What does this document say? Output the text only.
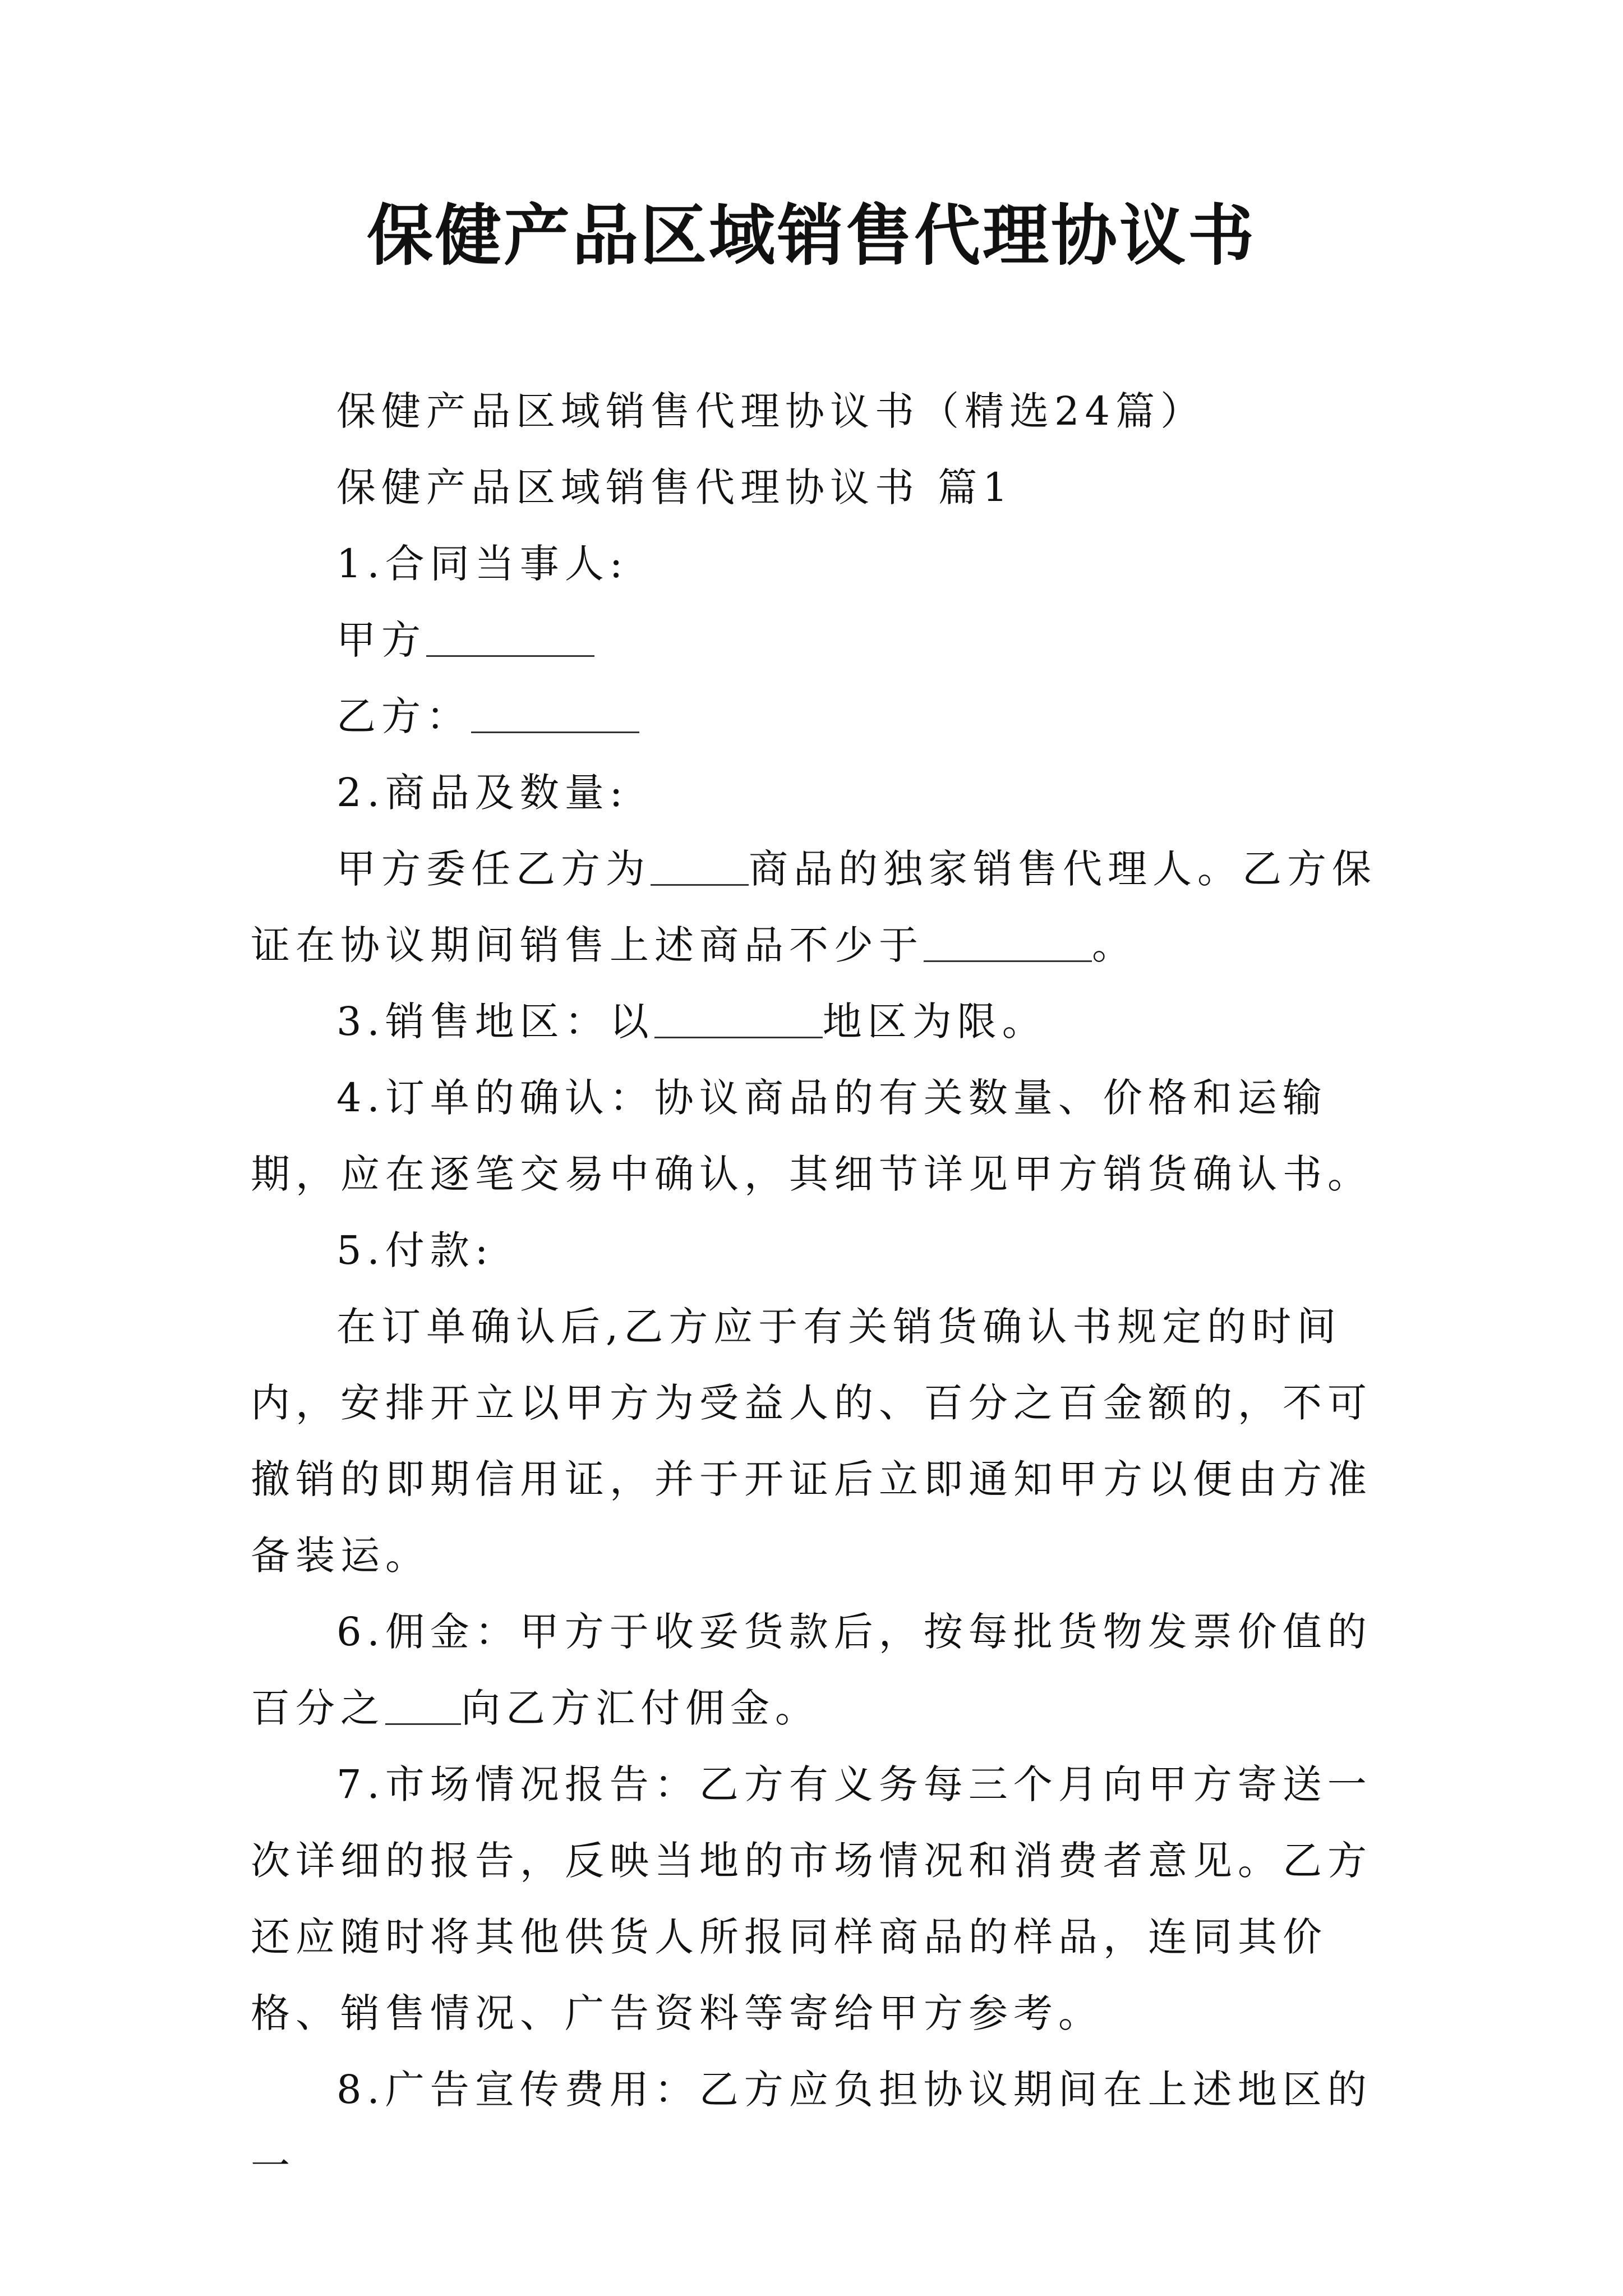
保健产品区域销售代理协议书

保健产品区域销售代理协议书（精选24篇）

保健产品区域销售代理协议书 篇1

1.合同当事人:

甲方

乙方：

2.商品及数量:

甲方委任乙方为	商品的独家销售代理人。乙方保证在协议期间销售上述商品不少于	。

3.销售地区：以	地区为限。

4.订单的确认：协议商品的有关数量、价格和运输期，应在逐笔交易中确认，其细节详见甲方销货确认书。

5.付款:

在订单确认后,乙方应于有关销货确认书规定的时间内，安排开立以甲方为受益人的、百分之百金额的，不可撤销的即期信用证，并于开证后立即通知甲方以便由方准备装运。

6.佣金：甲方于收妥货款后，按每批货物发票价值的百分之 向乙方汇付佣金。

7.市场情况报告：乙方有义务每三个月向甲方寄送一次详细的报告，反映当地的市场情况和消费者意见。乙方还应随时将其他供货人所报同样商品的样品，连同其价格、销售情况、广告资料等寄给甲方参考。

8.广告宣传费用：乙方应负担协议期间在上述地区的一
